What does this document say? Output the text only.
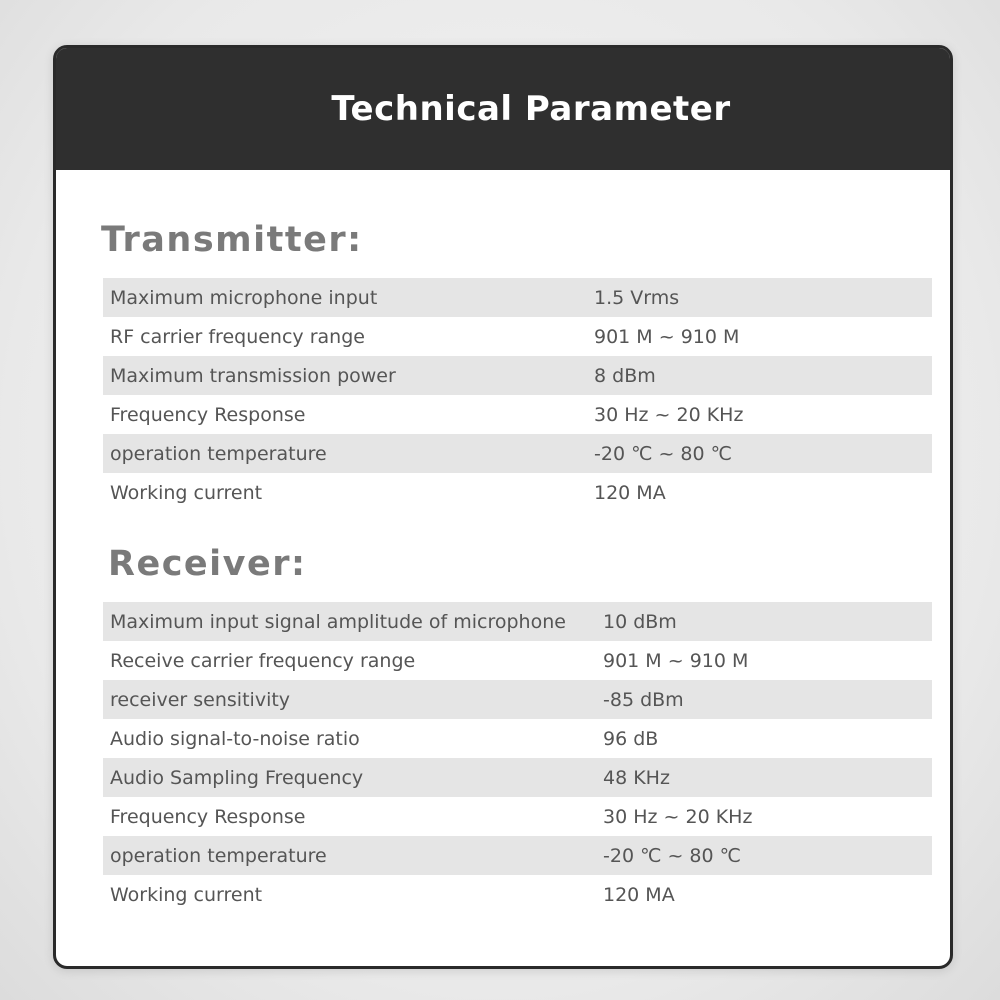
Technical Parameter
Transmitter:
Maximum microphone input	1.5 Vrms
RF carrier frequency range	901 M ~ 910 M
Maximum transmission power	8 dBm
Frequency Response	30 Hz ~ 20 KHz
operation temperature	-20 ℃ ~ 80 ℃
Working current	120 MA
Receiver:
Maximum input signal amplitude of microphone 10 dBm
Receive carrier frequency range	901 M ~ 910 M
receiver sensitivity	-85 dBm
Audio signal-to-noise ratio	96 dB
Audio Sampling Frequency	48 KHz
Frequency Response	30 Hz ~ 20 KHz
operation temperature	-20 ℃ ~ 80 ℃
Working current	120 MA
